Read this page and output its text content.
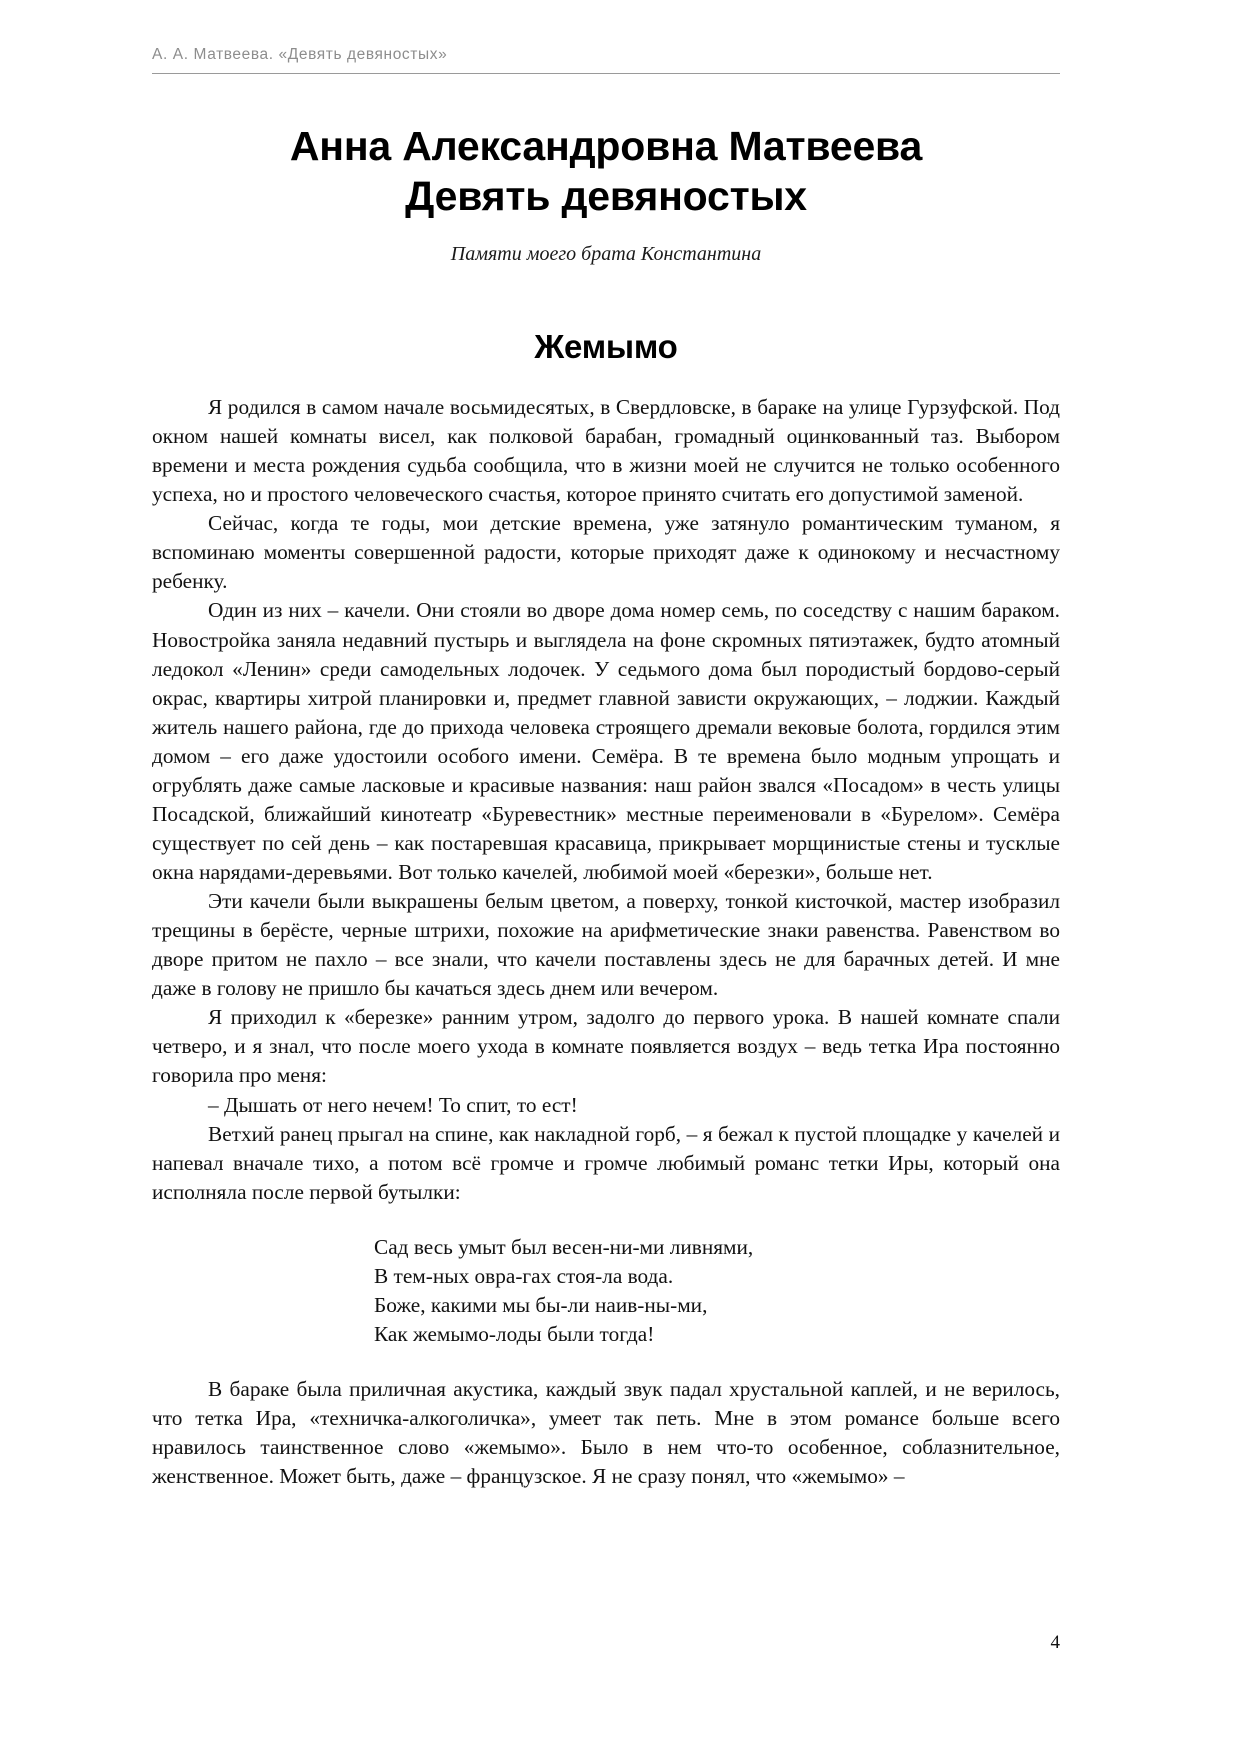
А. А. Матвеева. «Девять девяностых»
Анна Александровна Матвеева
Девять девяностых
Памяти моего брата Константина
Жемымо

Я родился в самом начале восьмидесятых, в Свердловске, в бараке на улице Гурзуфской. Под окном нашей комнаты висел, как полковой барабан, громадный оцинкованный таз. Выбором времени и места рождения судьба сообщила, что в жизни моей не случится не только особенного успеха, но и простого человеческого счастья, которое принято считать его допустимой заменой.

Сейчас, когда те годы, мои детские времена, уже затянуло романтическим туманом, я вспоминаю моменты совершенной радости, которые приходят даже к одинокому и несчастному ребенку.

Один из них – качели. Они стояли во дворе дома номер семь, по соседству с нашим бараком. Новостройка заняла недавний пустырь и выглядела на фоне скромных пятиэтажек, будто атомный ледокол «Ленин» среди самодельных лодочек. У седьмого дома был породистый бордово-серый окрас, квартиры хитрой планировки и, предмет главной зависти окружающих, – лоджии. Каждый житель нашего района, где до прихода человека строящего дремали вековые болота, гордился этим домом – его даже удостоили особого имени. Семёра. В те времена было модным упрощать и огрублять даже самые ласковые и красивые названия: наш район звался «Посадом» в честь улицы Посадской, ближайший кинотеатр «Буревестник» местные переименовали в «Бурелом». Семёра существует по сей день – как постаревшая красавица, прикрывает морщинистые стены и тусклые окна нарядами-деревьями. Вот только качелей, любимой моей «березки», больше нет.

Эти качели были выкрашены белым цветом, а поверху, тонкой кисточкой, мастер изобразил трещины в берёсте, черные штрихи, похожие на арифметические знаки равенства. Равенством во дворе притом не пахло – все знали, что качели поставлены здесь не для барачных детей. И мне даже в голову не пришло бы качаться здесь днем или вечером.

Я приходил к «березке» ранним утром, задолго до первого урока. В нашей комнате спали четверо, и я знал, что после моего ухода в комнате появляется воздух – ведь тетка Ира постоянно говорила про меня:

– Дышать от него нечем! То спит, то ест!

Ветхий ранец прыгал на спине, как накладной горб, – я бежал к пустой площадке у качелей и напевал вначале тихо, а потом всё громче и громче любимый романс тетки Иры, который она исполняла после первой бутылки:

Сад весь умыт был весен-ни-ми ливнями,

В тем-ных овра-гах стоя-ла вода.

Боже, какими мы бы-ли наив-ны-ми,

Как жемымо-лоды были тогда!

В бараке была приличная акустика, каждый звук падал хрустальной каплей, и не верилось, что тетка Ира, «техничка-алкоголичка», умеет так петь. Мне в этом романсе больше всего нравилось таинственное слово «жемымо». Было в нем что-то особенное, соблазнительное, женственное. Может быть, даже – французское. Я не сразу понял, что «жемымо» –

4
